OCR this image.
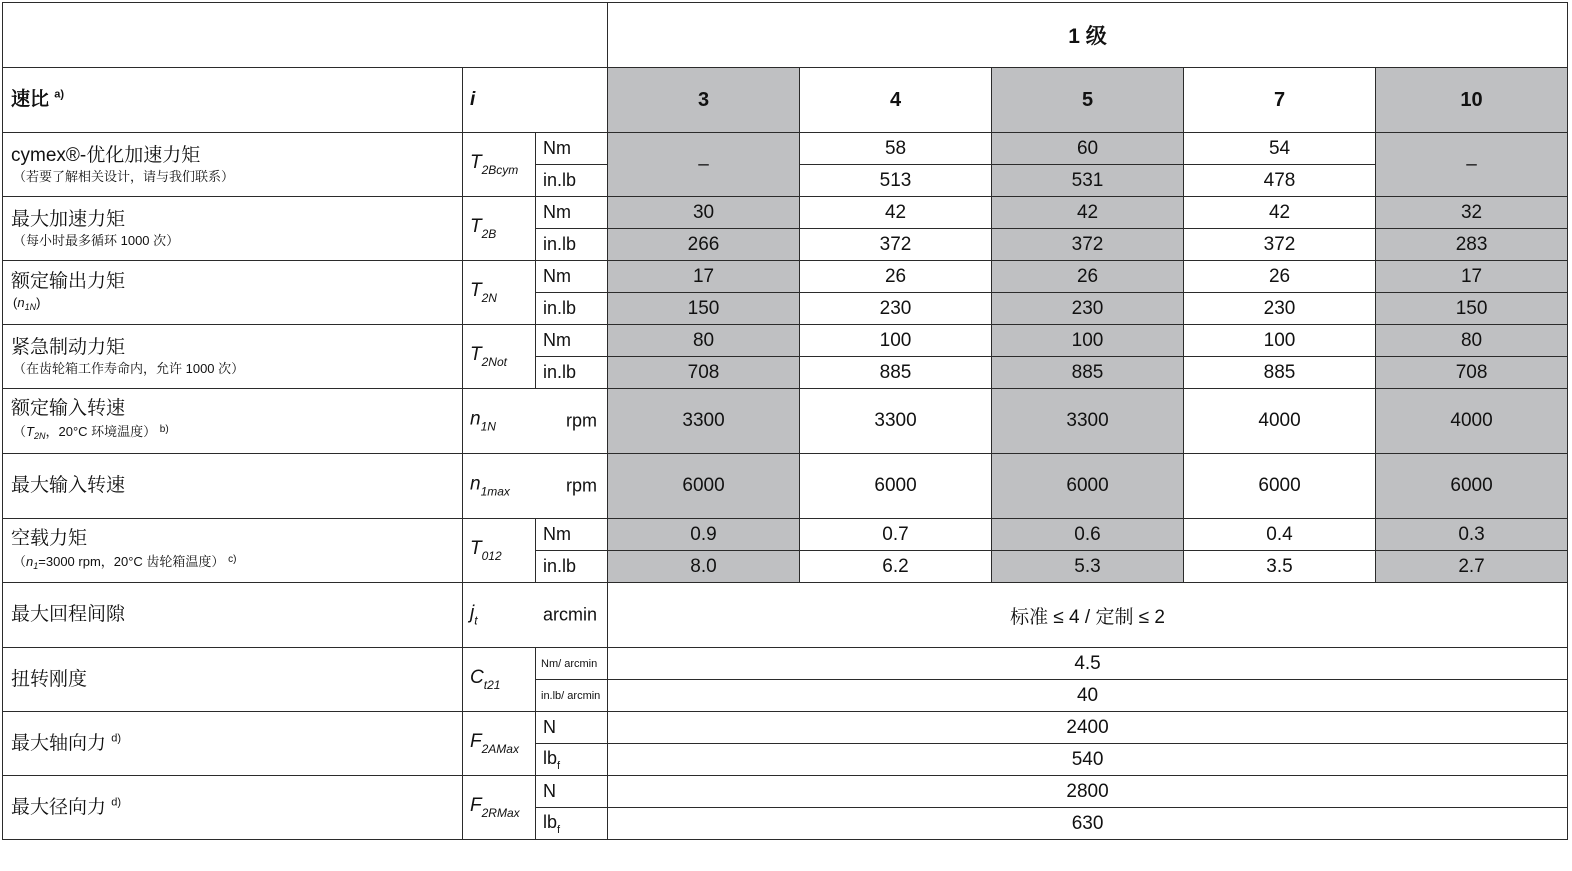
			1 级				

速比 $^{a)}$	i		3	4	5	7	10

cymex®-优化加速力矩
（若要了解相关设计，请与我们联系）	$T_{2Bcym}$	Nm	–	58	60	54	–
		in.lb		513	531	478	

最大加速力矩
（每小时最多循环 1000 次）	$T_{2B}$	Nm	30	42	42	42	32
		in.lb	266	372	372	372	283

额定输出力矩
$(n_{1N})$	$T_{2N}$	Nm	17	26	26	26	17
		in.lb	150	230	230	230	150

紧急制动力矩
（在齿轮箱工作寿命内，允许 1000 次）	$T_{2Not}$	Nm	80	100	100	100	80
		in.lb	708	885	885	885	708

额定输入转速
（$T_{2N}$，20°C 环境温度） $^{b)}$	$n_{1N}$ rpm		3300	3300	3300	4000	4000

最大输入转速	$n_{1max}$ rpm		6000	6000	6000	6000	6000

空载力矩
（$n_1=3000$ rpm，20°C 齿轮箱温度） $^{c)}$	$T_{012}$	Nm	0.9	0.7	0.6	0.4	0.3
		in.lb	8.0	6.2	5.3	3.5	2.7

最大回程间隙	$j_t$ arcmin		标准 ≤ 4 / 定制 ≤ 2				

扭转刚度	$C_{t21}$	Nm/ arcmin	4.5				
		in.lb/ arcmin	40				

最大轴向力 $^{d)}$	$F_{2AMax}$	N	2400				
		$lb_f$	540				

最大径向力 $^{d)}$	$F_{2RMax}$	N	2800				
		$lb_f$	630				
